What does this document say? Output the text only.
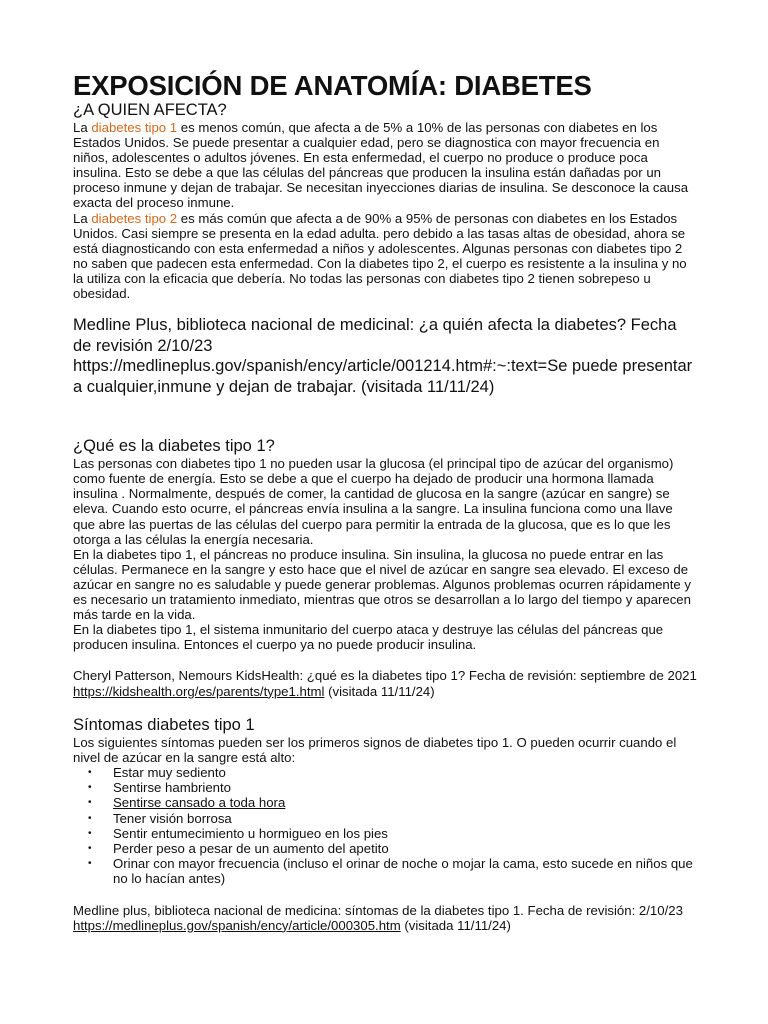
EXPOSICIÓN DE ANATOMÍA: DIABETES
¿A QUIEN AFECTA?

La diabetes tipo 1 es menos común, que afecta a de 5% a 10% de las personas con diabetes en los Estados Unidos. Se puede presentar a cualquier edad, pero se diagnostica con mayor frecuencia en niños, adolescentes o adultos jóvenes. En esta enfermedad, el cuerpo no produce o produce poca insulina. Esto se debe a que las células del páncreas que producen la insulina están dañadas por un proceso inmune y dejan de trabajar. Se necesitan inyecciones diarias de insulina. Se desconoce la causa exacta del proceso inmune.

La diabetes tipo 2 es más común que afecta a de 90% a 95% de personas con diabetes en los Estados Unidos. Casi siempre se presenta en la edad adulta. pero debido a las tasas altas de obesidad, ahora se está diagnosticando con esta enfermedad a niños y adolescentes. Algunas personas con diabetes tipo 2 no saben que padecen esta enfermedad. Con la diabetes tipo 2, el cuerpo es resistente a la insulina y no la utiliza con la eficacia que debería. No todas las personas con diabetes tipo 2 tienen sobrepeso u obesidad.

Medline Plus, biblioteca nacional de medicinal: ¿a quién afecta la diabetes? Fecha de revisión 2/10/23 https://medlineplus.gov/spanish/ency/article/001214.htm#:~:text=Se puede presentar a cualquier,inmune y dejan de trabajar. (visitada 11/11/24)

¿Qué es la diabetes tipo 1?

Las personas con diabetes tipo 1 no pueden usar la glucosa (el principal tipo de azúcar del organismo) como fuente de energía. Esto se debe a que el cuerpo ha dejado de producir una hormona llamada insulina . Normalmente, después de comer, la cantidad de glucosa en la sangre (azúcar en sangre) se eleva. Cuando esto ocurre, el páncreas envía insulina a la sangre. La insulina funciona como una llave que abre las puertas de las células del cuerpo para permitir la entrada de la glucosa, que es lo que les otorga a las células la energía necesaria.

En la diabetes tipo 1, el páncreas no produce insulina. Sin insulina, la glucosa no puede entrar en las células. Permanece en la sangre y esto hace que el nivel de azúcar en sangre sea elevado. El exceso de azúcar en sangre no es saludable y puede generar problemas. Algunos problemas ocurren rápidamente y es necesario un tratamiento inmediato, mientras que otros se desarrollan a lo largo del tiempo y aparecen más tarde en la vida.

En la diabetes tipo 1, el sistema inmunitario del cuerpo ataca y destruye las células del páncreas que producen insulina. Entonces el cuerpo ya no puede producir insulina.

Cheryl Patterson, Nemours KidsHealth: ¿qué es la diabetes tipo 1? Fecha de revisión: septiembre de 2021 https://kidshealth.org/es/parents/type1.html (visitada 11/11/24)

Síntomas diabetes tipo 1

Los siguientes síntomas pueden ser los primeros signos de diabetes tipo 1. O pueden ocurrir cuando el nivel de azúcar en la sangre está alto:

• Estar muy sediento
• Sentirse hambriento
• Sentirse cansado a toda hora
• Tener visión borrosa
• Sentir entumecimiento u hormigueo en los pies
• Perder peso a pesar de un aumento del apetito
• Orinar con mayor frecuencia (incluso el orinar de noche o mojar la cama, esto sucede en niños que no lo hacían antes)

Medline plus, biblioteca nacional de medicina: síntomas de la diabetes tipo 1. Fecha de revisión: 2/10/23 https://medlineplus.gov/spanish/ency/article/000305.htm (visitada 11/11/24)
